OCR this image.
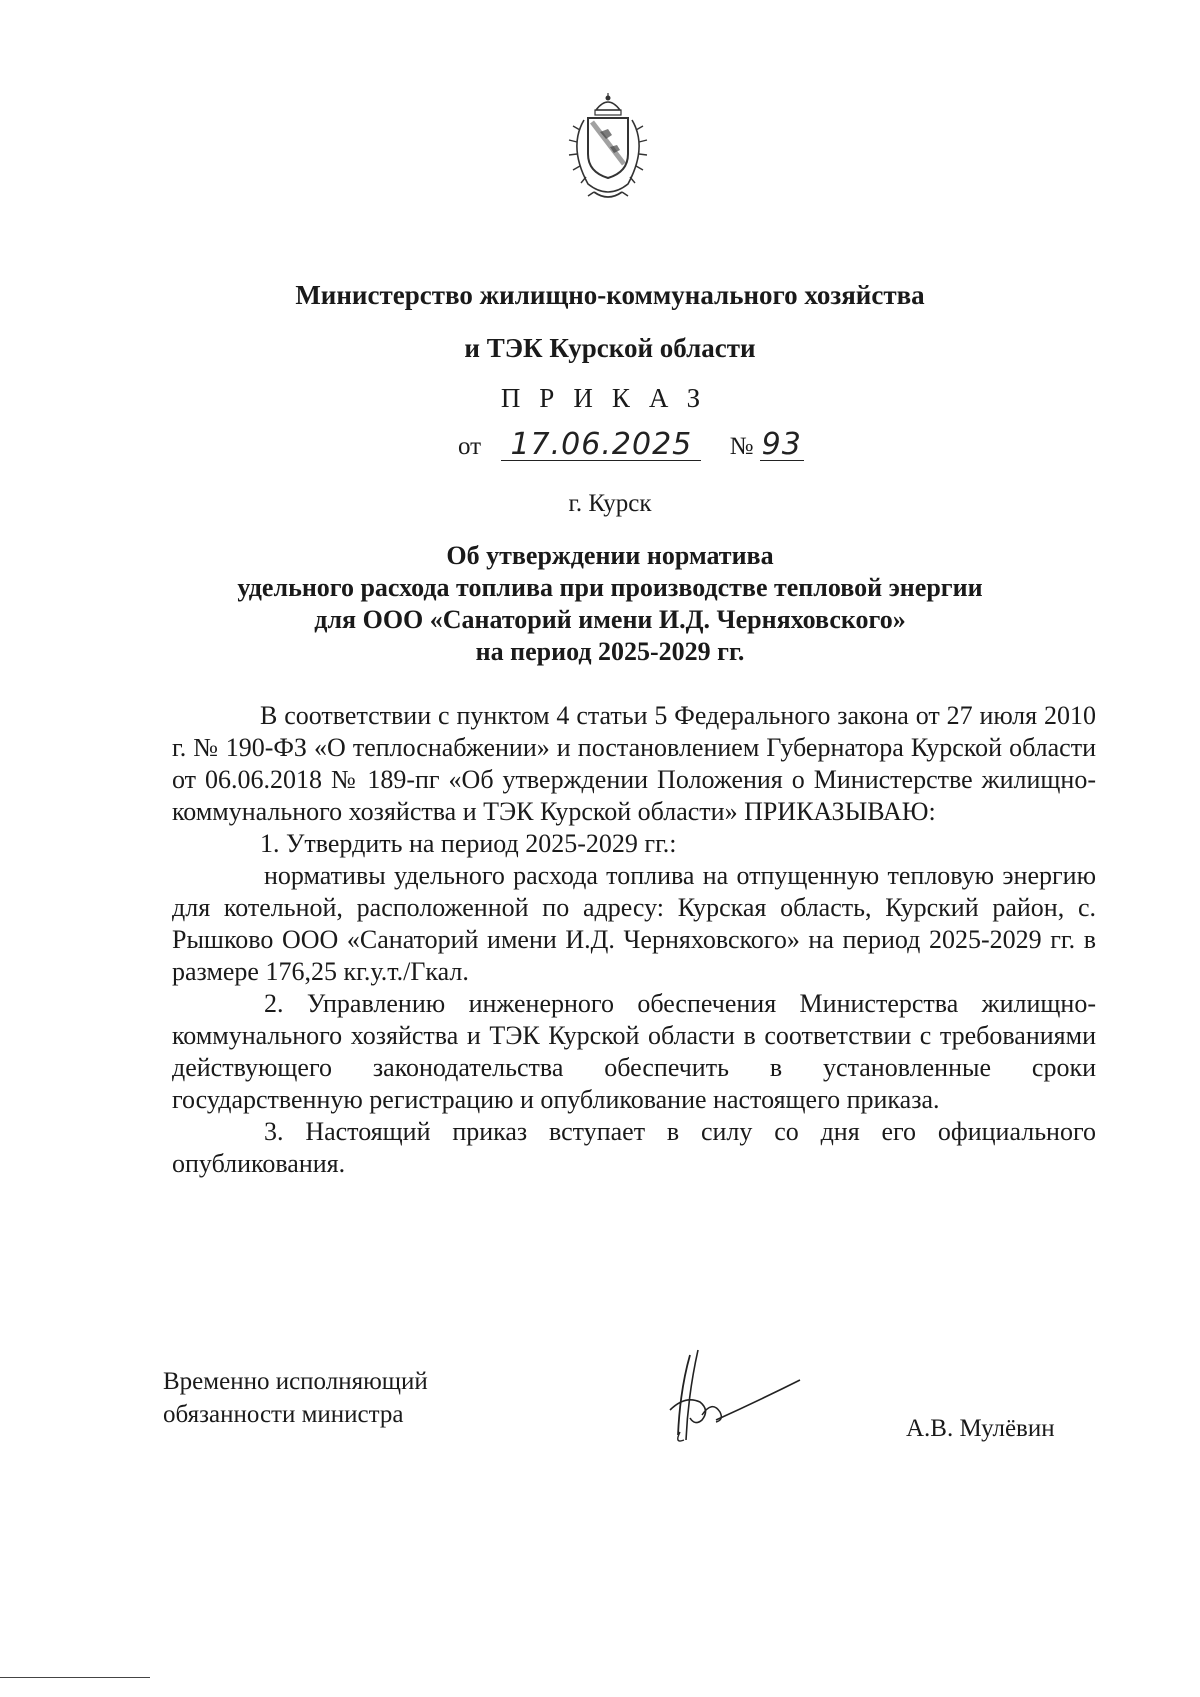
Министерство жилищно-коммунального хозяйства
и ТЭК Курской области
ПРИКАЗ
от 17.06.2025 № 93
г. Курск
Об утверждении норматива
удельного расхода топлива при производстве тепловой энергии
для ООО «Санаторий имени И.Д. Черняховского»
на период 2025-2029 гг.

В соответствии с пунктом 4 статьи 5 Федерального закона от 27 июля 2010 г. № 190-ФЗ «О теплоснабжении» и постановлением Губернатора Курской области от 06.06.2018 № 189-пг «Об утверждении Положения о Министерстве жилищно-коммунального хозяйства и ТЭК Курской области» ПРИКАЗЫВАЮ:

1. Утвердить на период 2025-2029 гг.:

нормативы удельного расхода топлива на отпущенную тепловую энергию для котельной, расположенной по адресу: Курская область, Курский район, с. Рышково ООО «Санаторий имени И.Д. Черняховского» на период 2025-2029 гг. в размере 176,25 кг.у.т./Гкал.

2. Управлению инженерного обеспечения Министерства жилищно-коммунального хозяйства и ТЭК Курской области в соответствии с требованиями действующего законодательства обеспечить в установленные сроки государственную регистрацию и опубликование настоящего приказа.

3. Настоящий приказ вступает в силу со дня его официального опубликования.

Временно исполняющий
обязанности министра
А.В. Мулёвин
